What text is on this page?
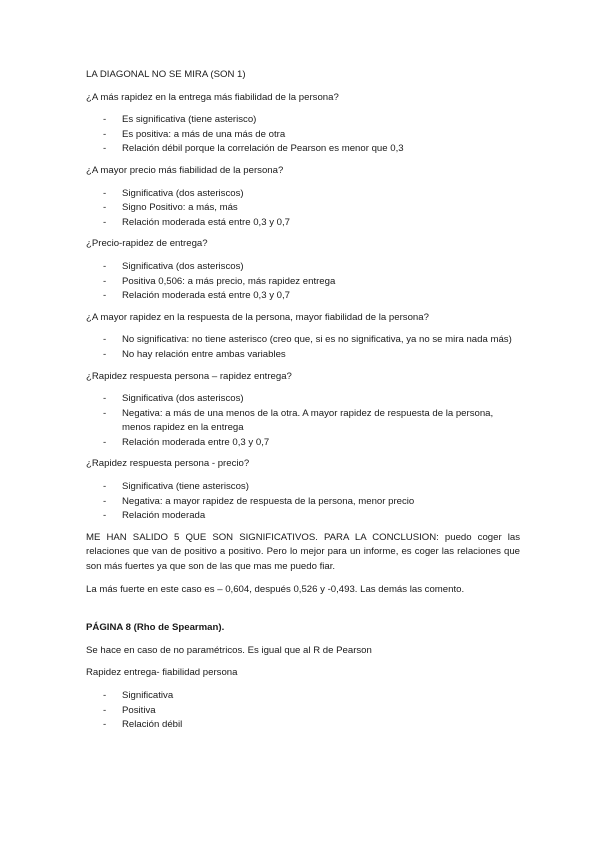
LA DIAGONAL NO SE MIRA (SON 1)

¿A más rapidez en la entrega más fiabilidad de la persona?

- Es significativa (tiene asterisco)
- Es positiva: a más de una más de otra
- Relación débil porque la correlación de Pearson es menor que 0,3

¿A mayor precio más fiabilidad de la persona?

- Significativa (dos asteriscos)
- Signo Positivo: a más, más
- Relación moderada está entre 0,3 y 0,7

¿Precio-rapidez de entrega?

- Significativa (dos asteriscos)
- Positiva 0,506: a más precio, más rapidez entrega
- Relación moderada está entre 0,3 y 0,7

¿A mayor rapidez en la respuesta de la persona, mayor fiabilidad de la persona?

- No significativa: no tiene asterisco (creo que, si es no significativa, ya no se mira nada más)
- No hay relación entre ambas variables

¿Rapidez respuesta persona – rapidez entrega?

- Significativa (dos asteriscos)
- Negativa: a más de una menos de la otra. A mayor rapidez de respuesta de la persona, menos rapidez en la entrega
- Relación moderada entre 0,3 y 0,7

¿Rapidez respuesta persona - precio?

- Significativa (tiene asteriscos)
- Negativa: a mayor rapidez de respuesta de la persona, menor precio
- Relación moderada

ME HAN SALIDO 5 QUE SON SIGNIFICATIVOS. PARA LA CONCLUSION: puedo coger las relaciones que van de positivo a positivo. Pero lo mejor para un informe, es coger las relaciones que son más fuertes ya que son de las que mas me puedo fiar.

La más fuerte en este caso es – 0,604, después 0,526 y -0,493. Las demás las comento.

PÁGINA 8 (Rho de Spearman).

Se hace en caso de no paramétricos. Es igual que al R de Pearson

Rapidez entrega- fiabilidad persona

- Significativa
- Positiva
- Relación débil
